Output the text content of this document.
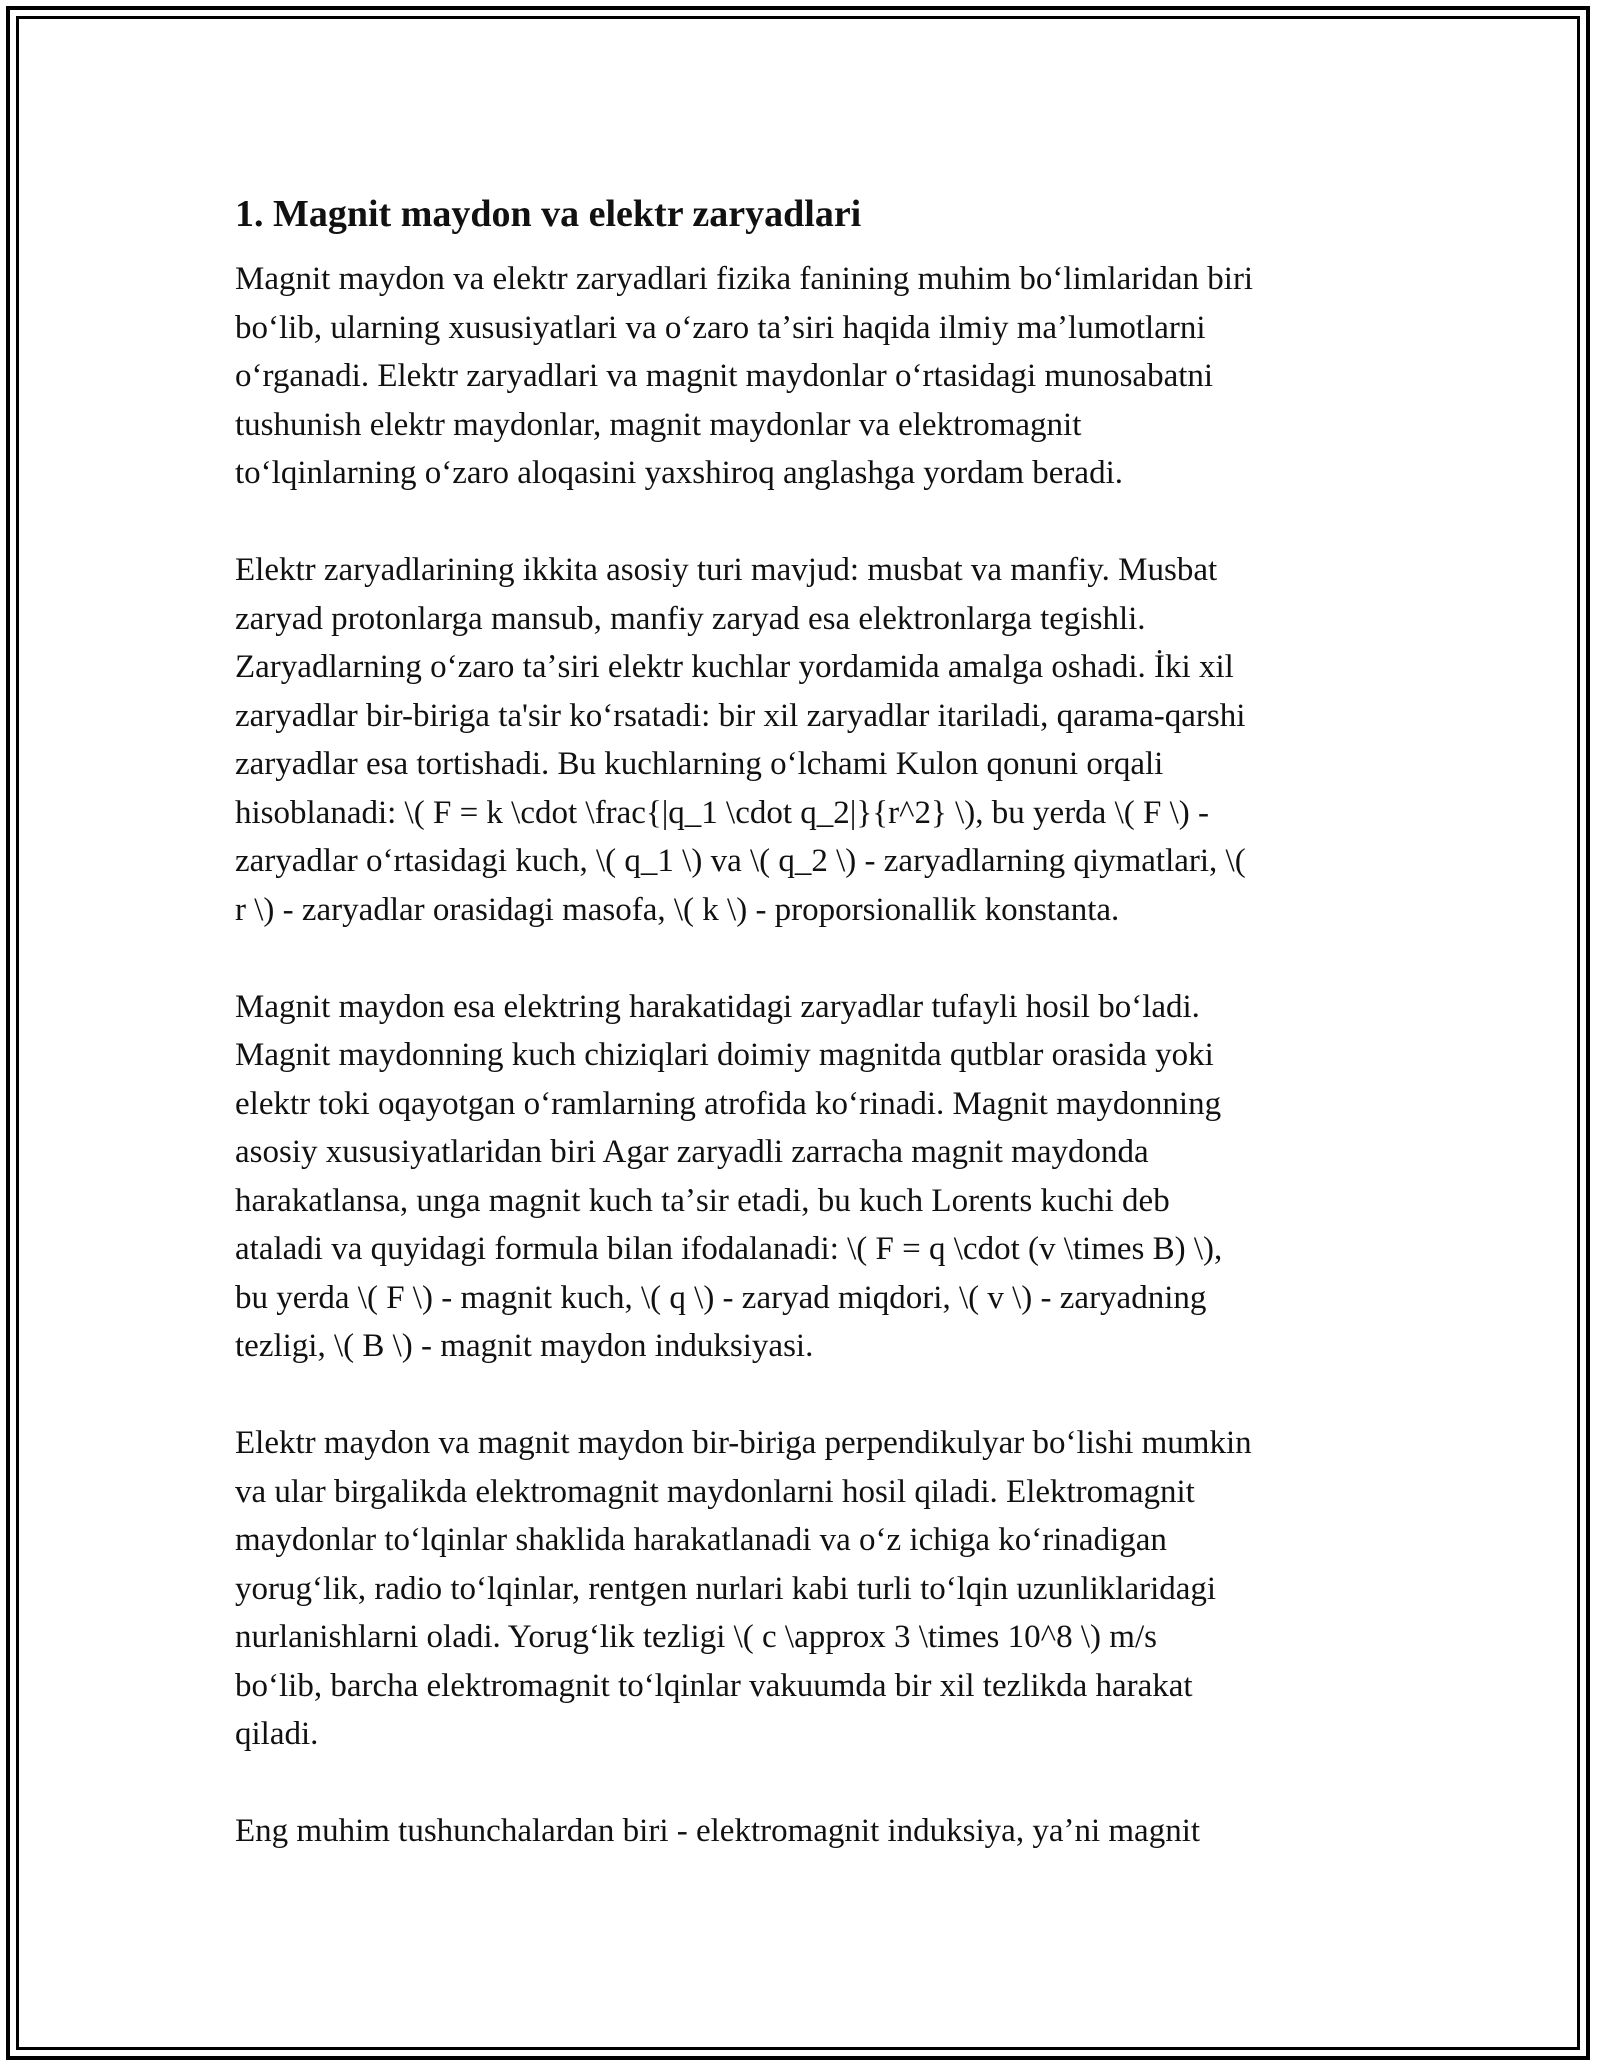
1. Magnit maydon va elektr zaryadlari

Magnit maydon va elektr zaryadlari fizika fanining muhim boʻlimlaridan biri
boʻlib, ularning xususiyatlari va oʻzaro taʼsiri haqida ilmiy maʼlumotlarni
oʻrganadi. Elektr zaryadlari va magnit maydonlar oʻrtasidagi munosabatni
tushunish elektr maydonlar, magnit maydonlar va elektromagnit
toʻlqinlarning oʻzaro aloqasini yaxshiroq anglashga yordam beradi.

Elektr zaryadlarining ikkita asosiy turi mavjud: musbat va manfiy. Musbat
zaryad protonlarga mansub, manfiy zaryad esa elektronlarga tegishli.
Zaryadlarning oʻzaro taʼsiri elektr kuchlar yordamida amalga oshadi. İki xil
zaryadlar bir-biriga ta'sir koʻrsatadi: bir xil zaryadlar itariladi, qarama-qarshi
zaryadlar esa tortishadi. Bu kuchlarning oʻlchami Kulon qonuni orqali
hisoblanadi: \( F = k \cdot \frac{|q_1 \cdot q_2|}{r^2} \), bu yerda \( F \) -
zaryadlar oʻrtasidagi kuch, \( q_1 \) va \( q_2 \) - zaryadlarning qiymatlari, \(
r \) - zaryadlar orasidagi masofa, \( k \) - proporsionallik konstanta.

Magnit maydon esa elektring harakatidagi zaryadlar tufayli hosil boʻladi.
Magnit maydonning kuch chiziqlari doimiy magnitda qutblar orasida yoki
elektr toki oqayotgan oʻramlarning atrofida koʻrinadi. Magnit maydonning
asosiy xususiyatlaridan biri Agar zaryadli zarracha magnit maydonda
harakatlansa, unga magnit kuch taʼsir etadi, bu kuch Lorents kuchi deb
ataladi va quyidagi formula bilan ifodalanadi: \( F = q \cdot (v \times B) \),
bu yerda \( F \) - magnit kuch, \( q \) - zaryad miqdori, \( v \) - zaryadning
tezligi, \( B \) - magnit maydon induksiyasi.

Elektr maydon va magnit maydon bir-biriga perpendikulyar boʻlishi mumkin
va ular birgalikda elektromagnit maydonlarni hosil qiladi. Elektromagnit
maydonlar toʻlqinlar shaklida harakatlanadi va oʻz ichiga koʻrinadigan
yorugʻlik, radio toʻlqinlar, rentgen nurlari kabi turli toʻlqin uzunliklaridagi
nurlanishlarni oladi. Yorugʻlik tezligi \( c \approx 3 \times 10^8 \) m/s
boʻlib, barcha elektromagnit toʻlqinlar vakuumda bir xil tezlikda harakat
qiladi.

Eng muhim tushunchalardan biri - elektromagnit induksiya, yaʼni magnit
